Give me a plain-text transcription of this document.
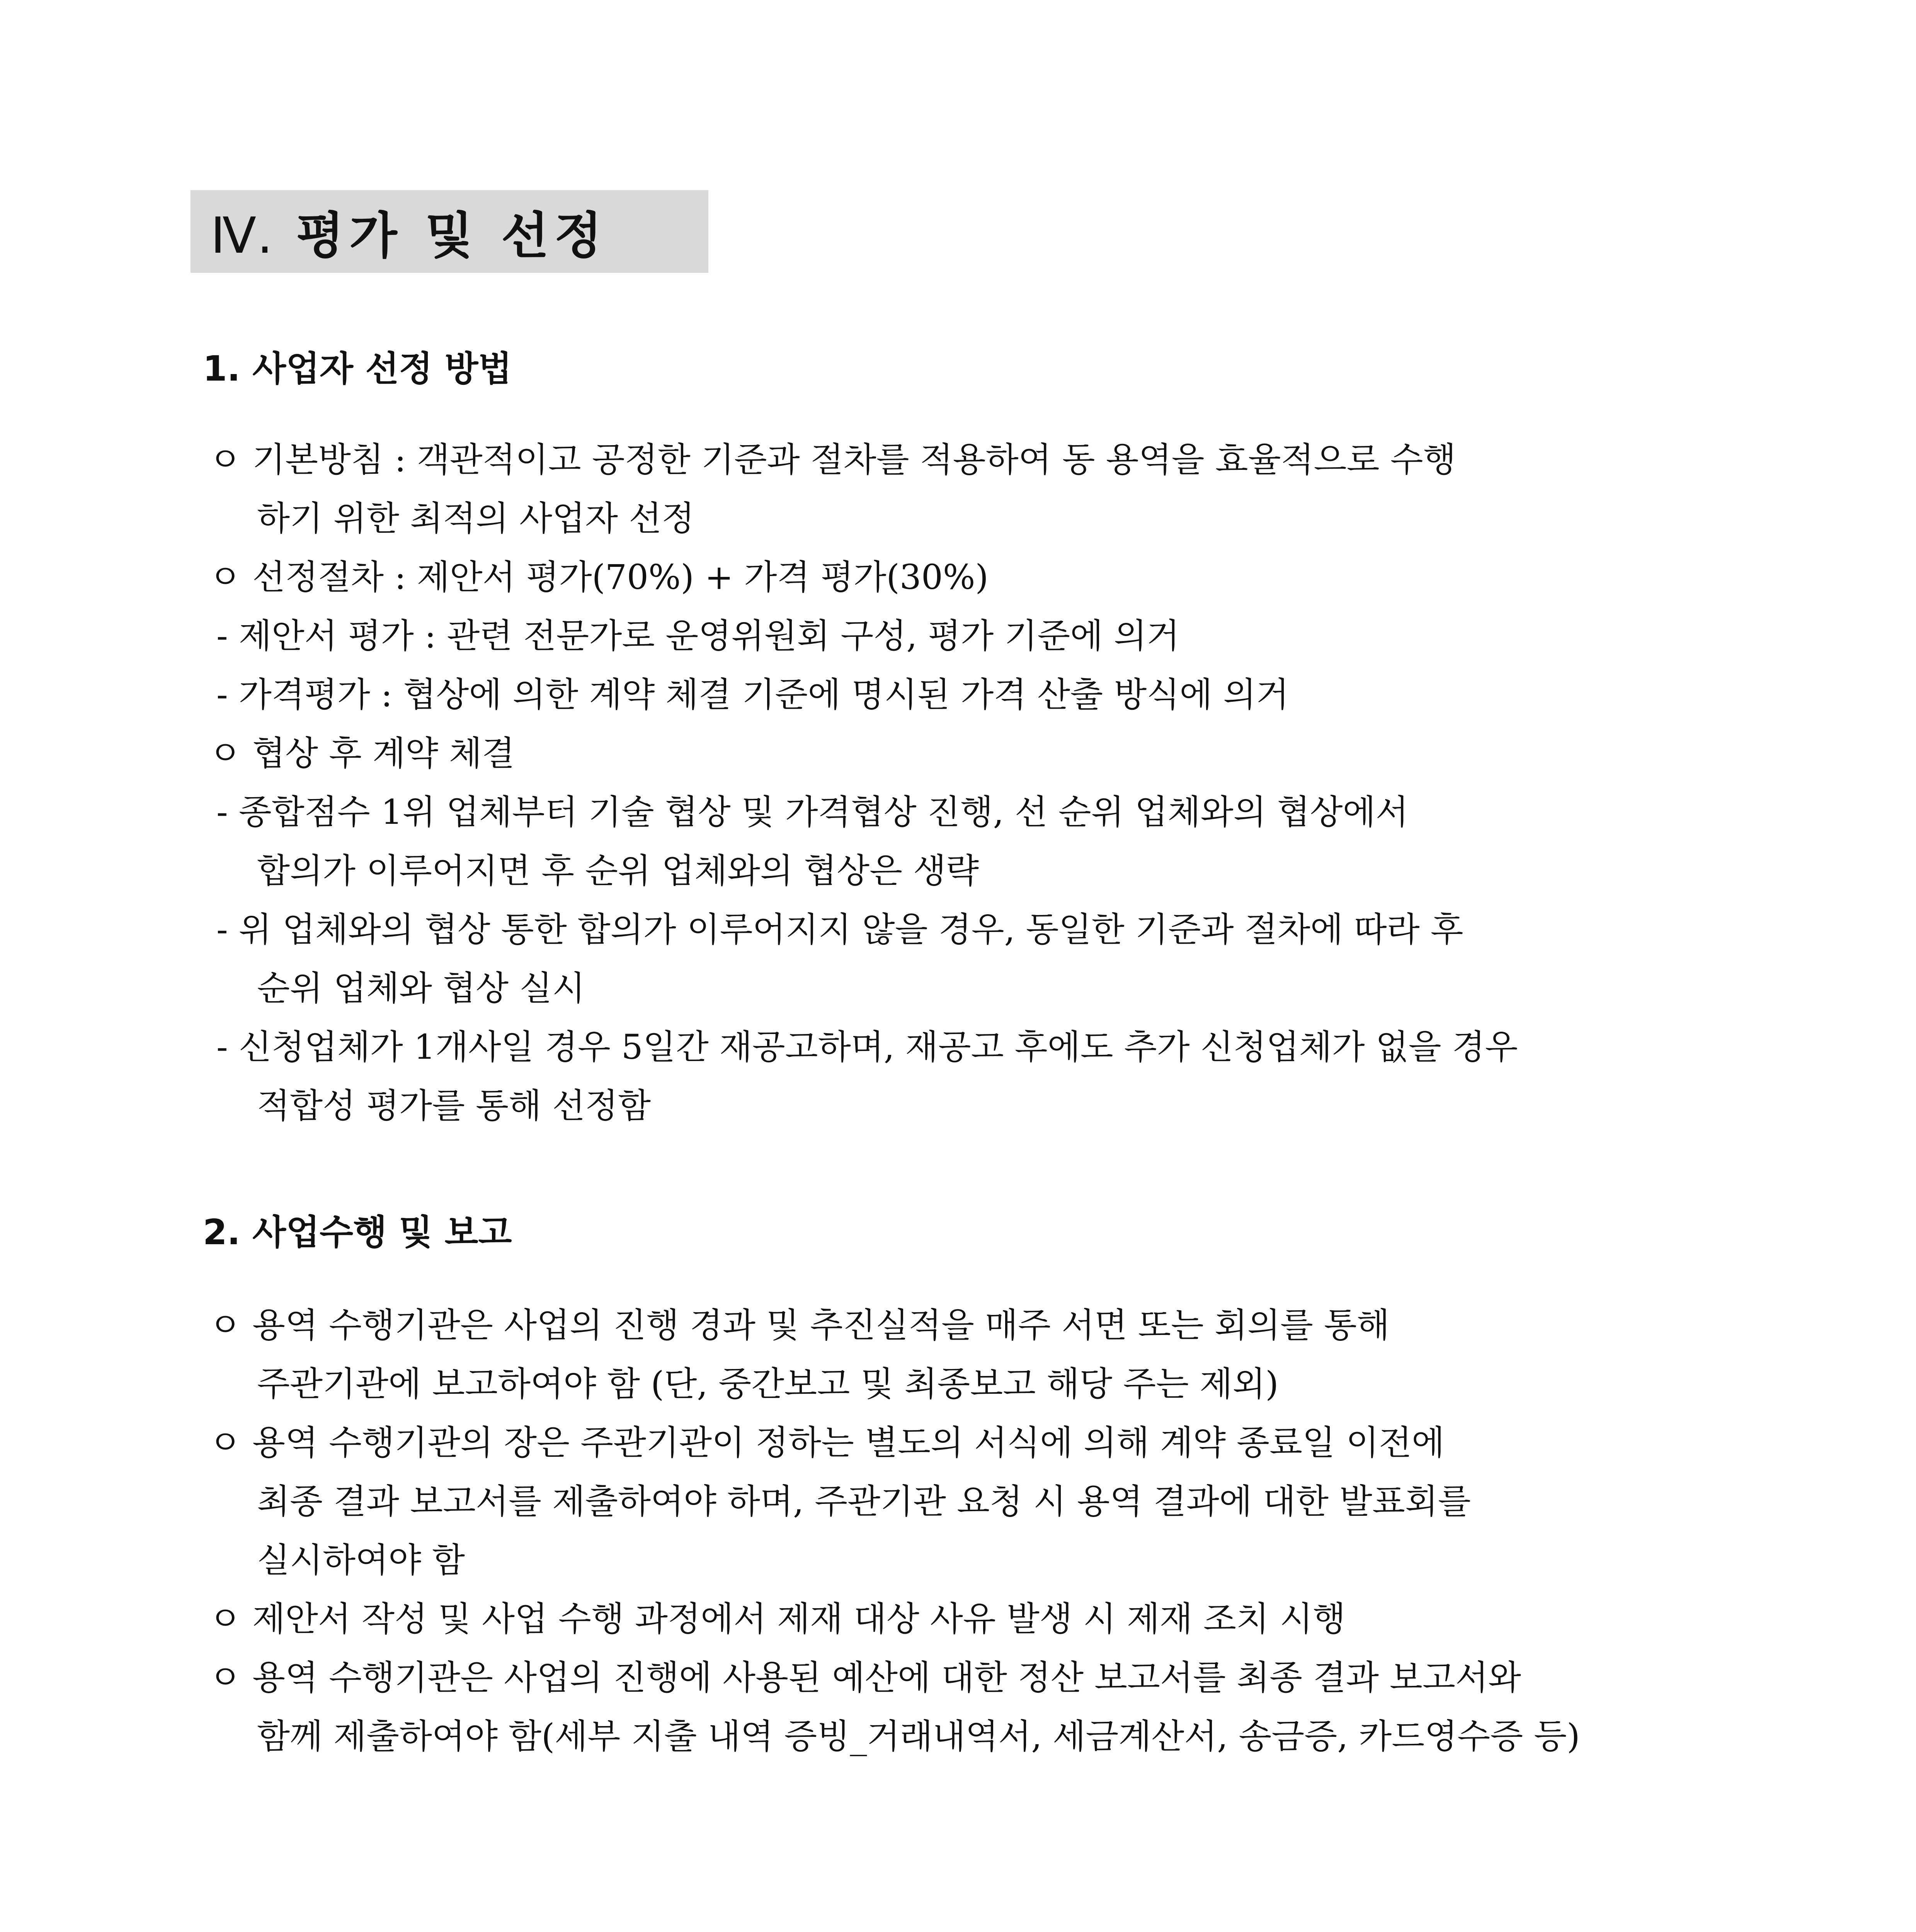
Ⅳ. 평가 및 선정
1. 사업자 선정 방법
ㅇ 기본방침 : 객관적이고 공정한 기준과 절차를 적용하여 동 용역을 효율적으로 수행
하기 위한 최적의 사업자 선정
ㅇ 선정절차 : 제안서 평가(70%) + 가격 평가(30%)
- 제안서 평가 : 관련 전문가로 운영위원회 구성, 평가 기준에 의거
- 가격평가 : 협상에 의한 계약 체결 기준에 명시된 가격 산출 방식에 의거
ㅇ 협상 후 계약 체결
- 종합점수 1위 업체부터 기술 협상 및 가격협상 진행, 선 순위 업체와의 협상에서
합의가 이루어지면 후 순위 업체와의 협상은 생략
- 위 업체와의 협상 통한 합의가 이루어지지 않을 경우, 동일한 기준과 절차에 따라 후
순위 업체와 협상 실시
- 신청업체가 1개사일 경우 5일간 재공고하며, 재공고 후에도 추가 신청업체가 없을 경우
적합성 평가를 통해 선정함
2. 사업수행 및 보고
ㅇ 용역 수행기관은 사업의 진행 경과 및 추진실적을 매주 서면 또는 회의를 통해
주관기관에 보고하여야 함 (단, 중간보고 및 최종보고 해당 주는 제외)
ㅇ 용역 수행기관의 장은 주관기관이 정하는 별도의 서식에 의해 계약 종료일 이전에
최종 결과 보고서를 제출하여야 하며, 주관기관 요청 시 용역 결과에 대한 발표회를
실시하여야 함
ㅇ 제안서 작성 및 사업 수행 과정에서 제재 대상 사유 발생 시 제재 조치 시행
ㅇ 용역 수행기관은 사업의 진행에 사용된 예산에 대한 정산 보고서를 최종 결과 보고서와
함께 제출하여야 함(세부 지출 내역 증빙_거래내역서, 세금계산서, 송금증, 카드영수증 등)
